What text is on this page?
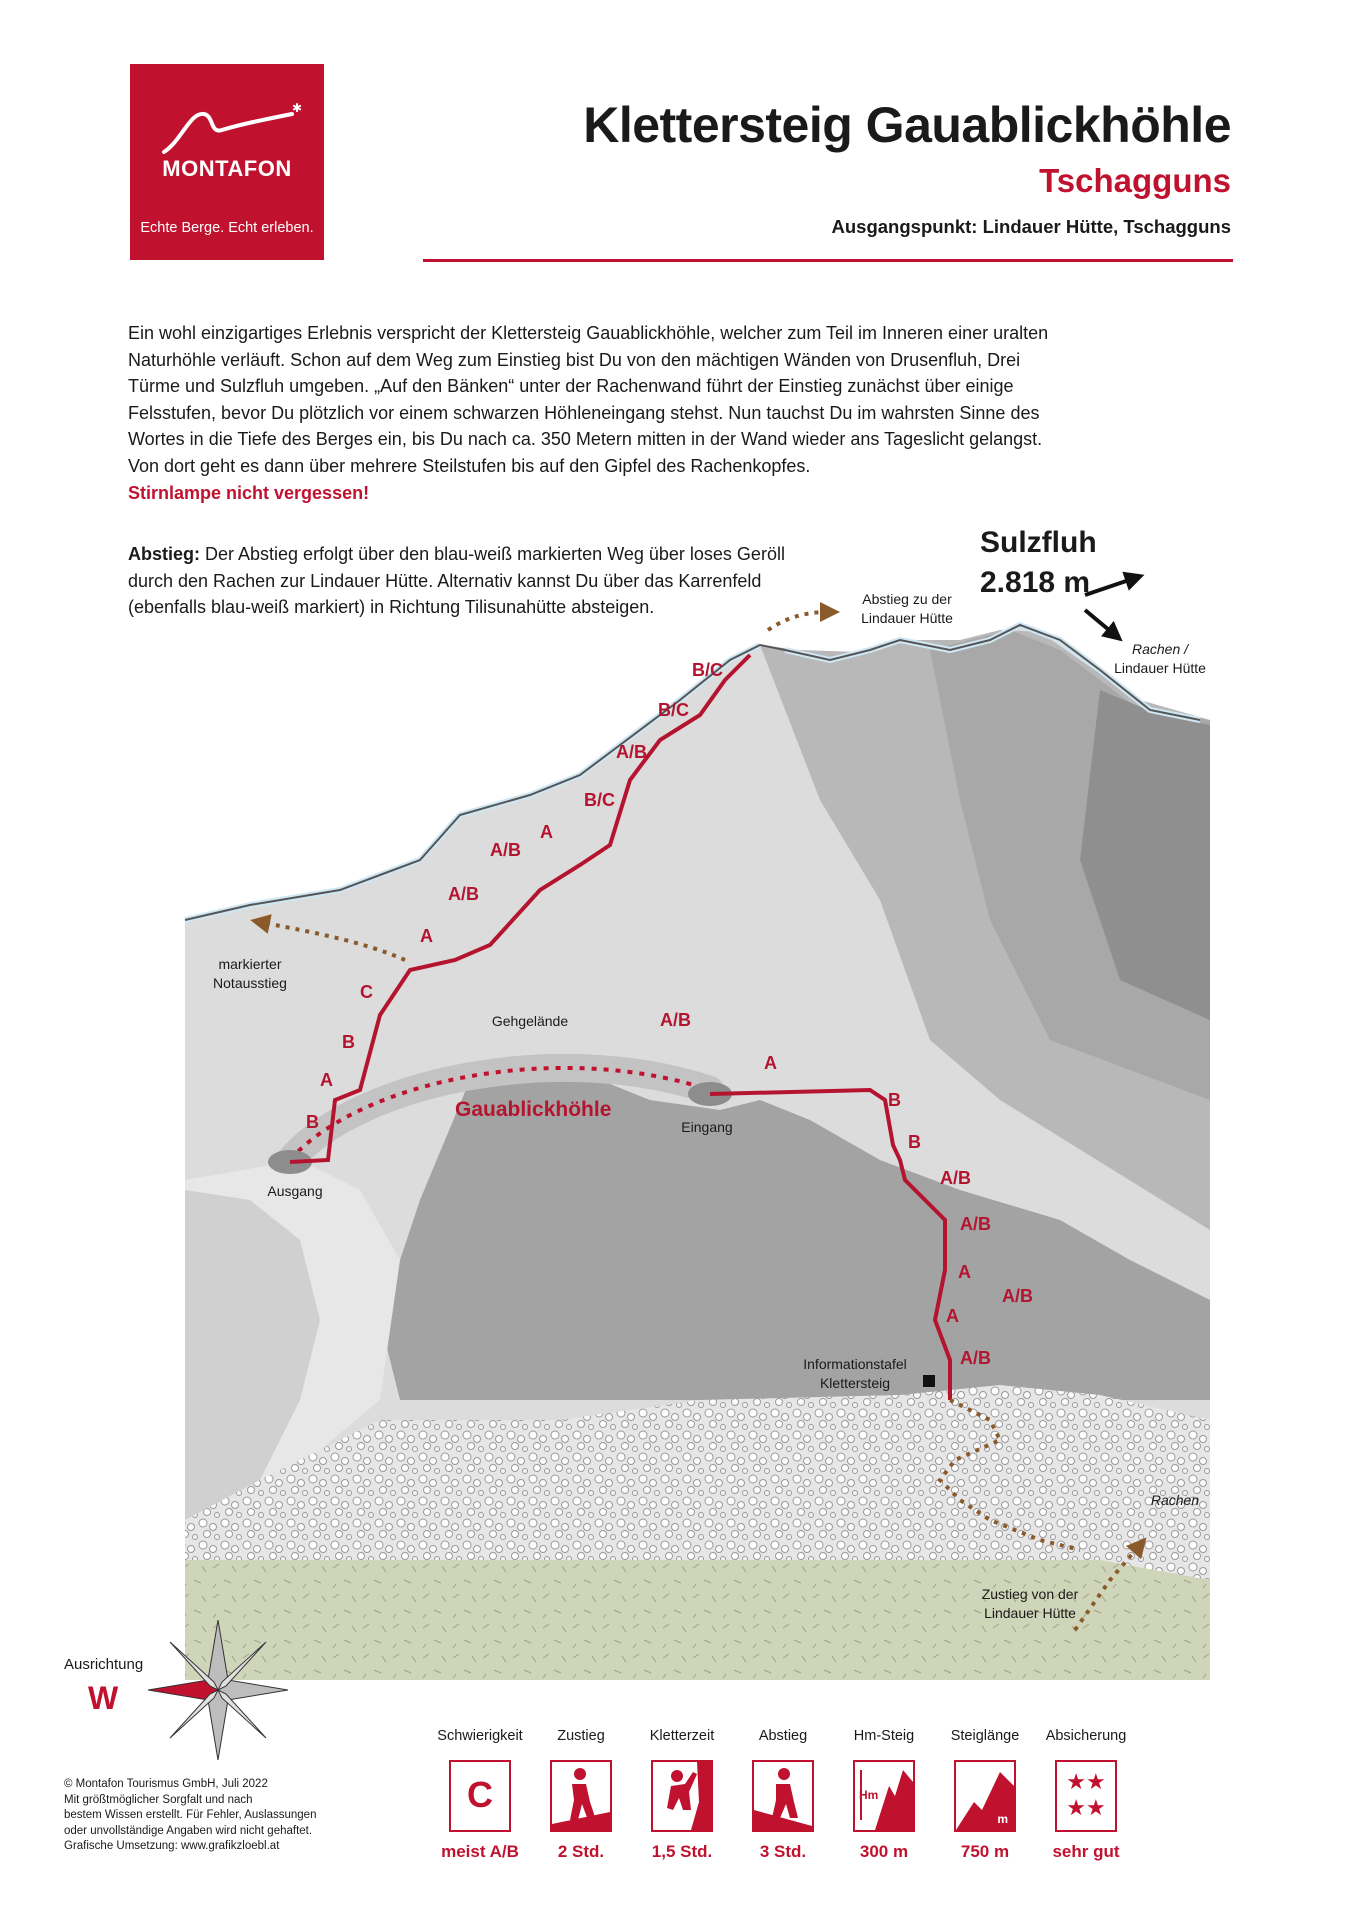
✱
MONTAFON
Echte Berge. Echt erleben.
Klettersteig Gauablickhöhle
Tschagguns
Ausgangspunkt: Lindauer Hütte, Tschagguns

Ein wohl einzigartiges Erlebnis verspricht der Klettersteig Gauablickhöhle, welcher zum Teil im Inneren einer uralten

Naturhöhle verläuft. Schon auf dem Weg zum Einstieg bist Du von den mächtigen Wänden von Drusenfluh, Drei

Türme und Sulzfluh umgeben. „Auf den Bänken“ unter der Rachenwand führt der Einstieg zunächst über einige

Felsstufen, bevor Du plötzlich vor einem schwarzen Höhleneingang stehst. Nun tauchst Du im wahrsten Sinne des

Wortes in die Tiefe des Berges ein, bis Du nach ca. 350 Metern mitten in der Wand wieder ans Tageslicht gelangst.

Von dort geht es dann über mehrere Steilstufen bis auf den Gipfel des Rachenkopfes.

Stirnlampe nicht vergessen!

Abstieg: Der Abstieg erfolgt über den blau-weiß markierten Weg über loses Geröll
durch den Rachen zur Lindauer Hütte. Alternativ kannst Du über das Karrenfeld
(ebenfalls blau-weiß markiert) in Richtung Tilisunahütte absteigen.
Sulzfluh
2.818 m
Abstieg zu der
Lindauer Hütte
Rachen /
Lindauer Hütte
markierter
Notausstieg
Gehgelände
Gauablickhöhle
Ausgang
Eingang
Informationstafel
Klettersteig
Rachen
Zustieg von der
Lindauer Hütte
B/C
B/C
A/B
B/C
A
A/B
A/B
A
C
B
A
B
A/B
A
B
B
A/B
A/B
A
A/B
A
A/B
Ausrichtung
W
© Montafon Tourismus GmbH, Juli 2022
Mit größtmöglicher Sorgfalt und nach
bestem Wissen erstellt. Für Fehler, Auslassungen
oder unvollständige Angaben wird nicht gehaftet.
Grafische Umsetzung: www.grafikzloebl.at
Schwierigkeit
C
meist A/B
Zustieg
2 Std.
Kletterzeit
1,5 Std.
Abstieg
3 Std.
Hm-Steig
Hm
300 m
Steiglänge
m
750 m
Absicherung
★★
★★
sehr gut
